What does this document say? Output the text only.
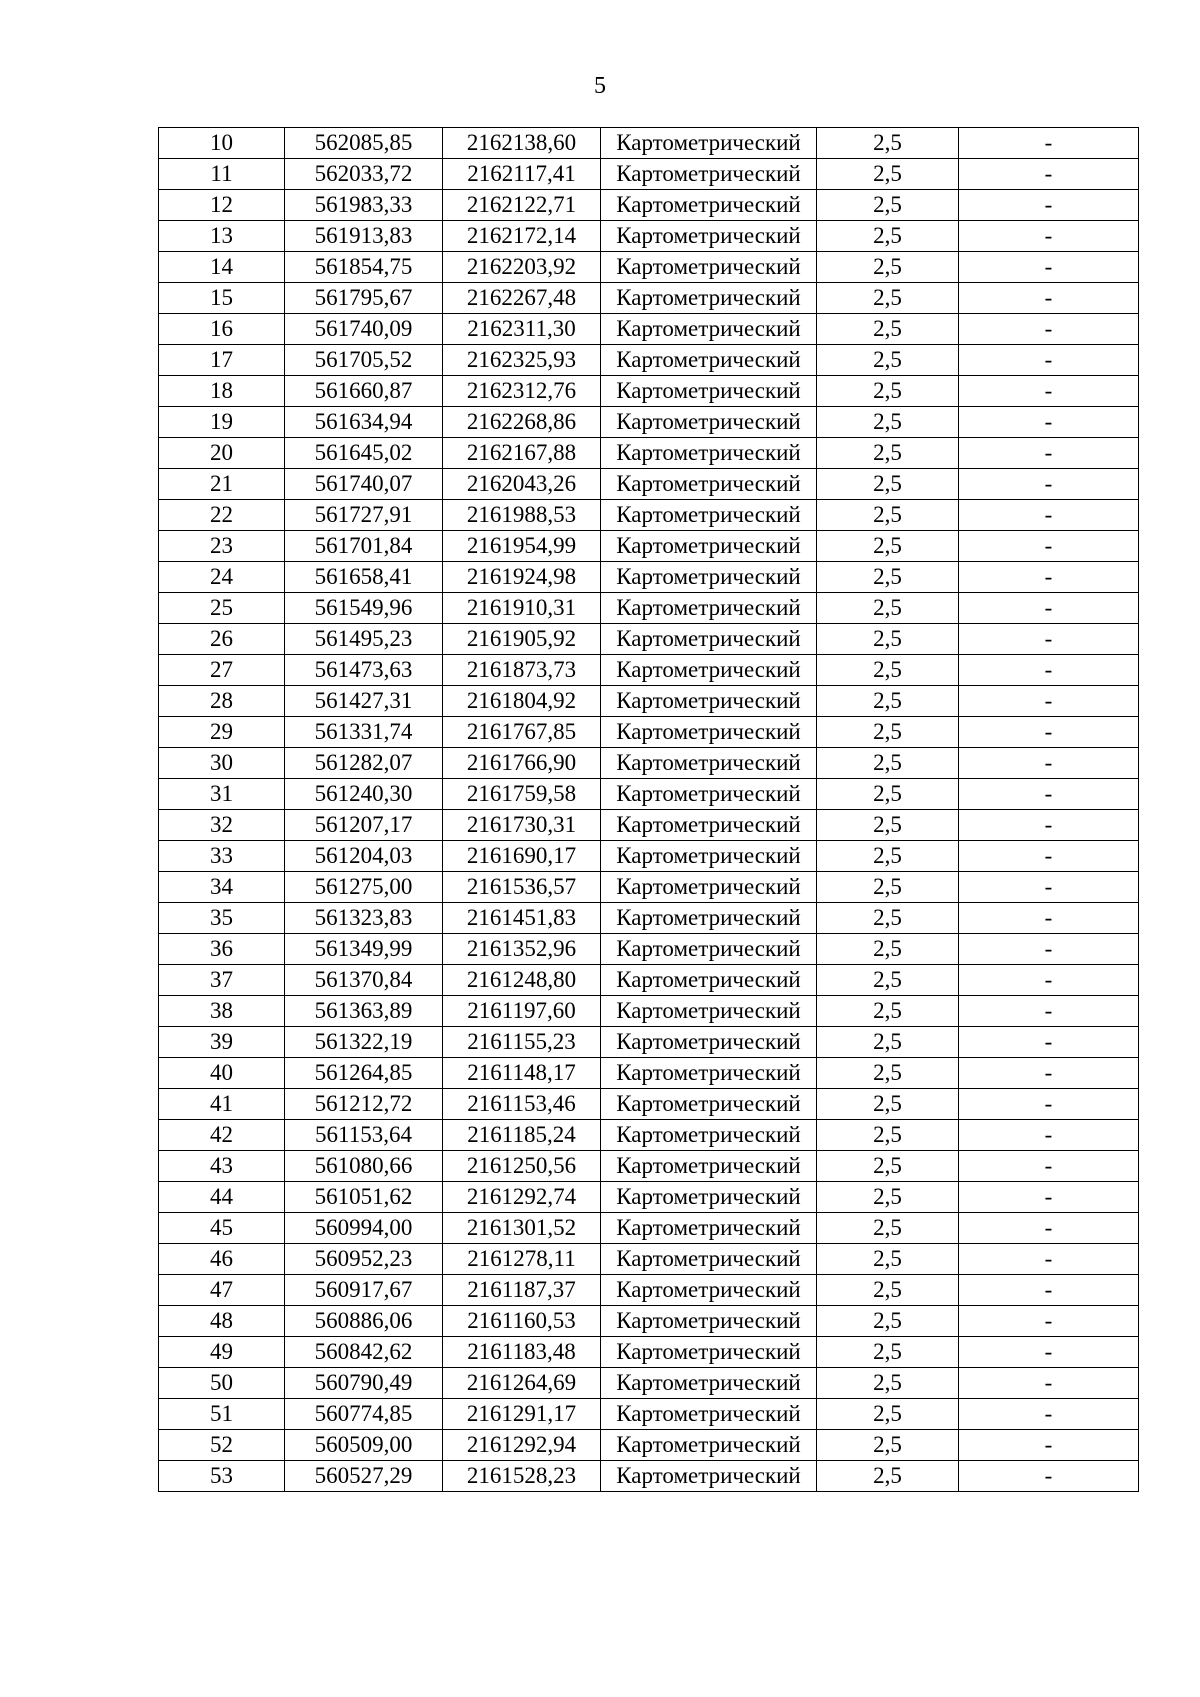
5
10	562085,85	2162138,60	Картометрический	2,5	-
11	562033,72	2162117,41	Картометрический	2,5	-
12	561983,33	2162122,71	Картометрический	2,5	-
13	561913,83	2162172,14	Картометрический	2,5	-
14	561854,75	2162203,92	Картометрический	2,5	-
15	561795,67	2162267,48	Картометрический	2,5	-
16	561740,09	2162311,30	Картометрический	2,5	-
17	561705,52	2162325,93	Картометрический	2,5	-
18	561660,87	2162312,76	Картометрический	2,5	-
19	561634,94	2162268,86	Картометрический	2,5	-
20	561645,02	2162167,88	Картометрический	2,5	-
21	561740,07	2162043,26	Картометрический	2,5	-
22	561727,91	2161988,53	Картометрический	2,5	-
23	561701,84	2161954,99	Картометрический	2,5	-
24	561658,41	2161924,98	Картометрический	2,5	-
25	561549,96	2161910,31	Картометрический	2,5	-
26	561495,23	2161905,92	Картометрический	2,5	-
27	561473,63	2161873,73	Картометрический	2,5	-
28	561427,31	2161804,92	Картометрический	2,5	-
29	561331,74	2161767,85	Картометрический	2,5	-
30	561282,07	2161766,90	Картометрический	2,5	-
31	561240,30	2161759,58	Картометрический	2,5	-
32	561207,17	2161730,31	Картометрический	2,5	-
33	561204,03	2161690,17	Картометрический	2,5	-
34	561275,00	2161536,57	Картометрический	2,5	-
35	561323,83	2161451,83	Картометрический	2,5	-
36	561349,99	2161352,96	Картометрический	2,5	-
37	561370,84	2161248,80	Картометрический	2,5	-
38	561363,89	2161197,60	Картометрический	2,5	-
39	561322,19	2161155,23	Картометрический	2,5	-
40	561264,85	2161148,17	Картометрический	2,5	-
41	561212,72	2161153,46	Картометрический	2,5	-
42	561153,64	2161185,24	Картометрический	2,5	-
43	561080,66	2161250,56	Картометрический	2,5	-
44	561051,62	2161292,74	Картометрический	2,5	-
45	560994,00	2161301,52	Картометрический	2,5	-
46	560952,23	2161278,11	Картометрический	2,5	-
47	560917,67	2161187,37	Картометрический	2,5	-
48	560886,06	2161160,53	Картометрический	2,5	-
49	560842,62	2161183,48	Картометрический	2,5	-
50	560790,49	2161264,69	Картометрический	2,5	-
51	560774,85	2161291,17	Картометрический	2,5	-
52	560509,00	2161292,94	Картометрический	2,5	-
53	560527,29	2161528,23	Картометрический	2,5	-
